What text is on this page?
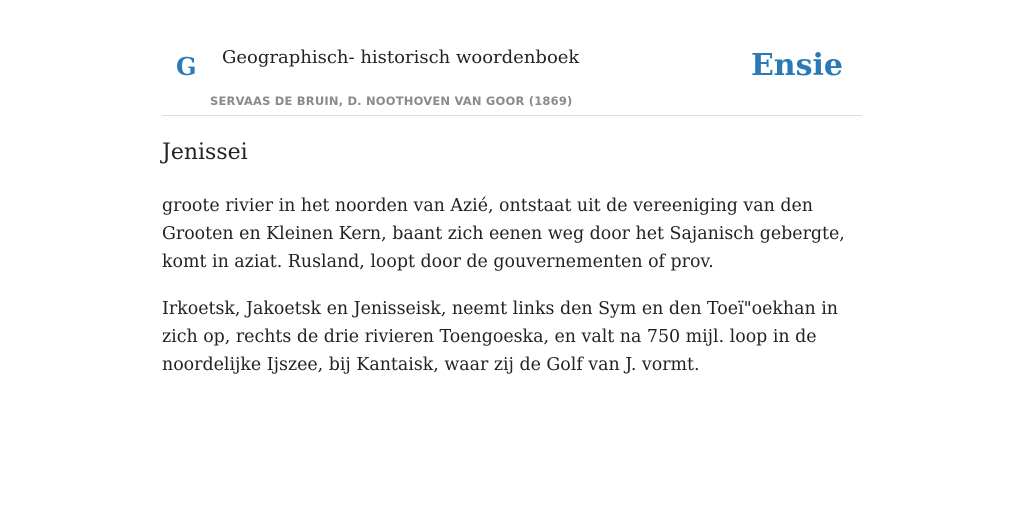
G Geographisch- historisch woordenboek
SERVAAS DE BRUIN, D. NOOTHOVEN VAN GOOR (1869)
Ensie
Jenissei

groote rivier in het noorden van Azié, ontstaat uit de vereeniging van den Grooten en Kleinen Kern, baant zich eenen weg door het Sajanisch gebergte, komt in aziat. Rusland, loopt door de gouvernementen of prov.

Irkoetsk, Jakoetsk en Jenisseisk, neemt links den Sym en den Toeï"oekhan in zich op, rechts de drie rivieren Toengoeska, en valt na 750 mijl. loop in de noordelijke Ijszee, bij Kantaisk, waar zij de Golf van J. vormt.
